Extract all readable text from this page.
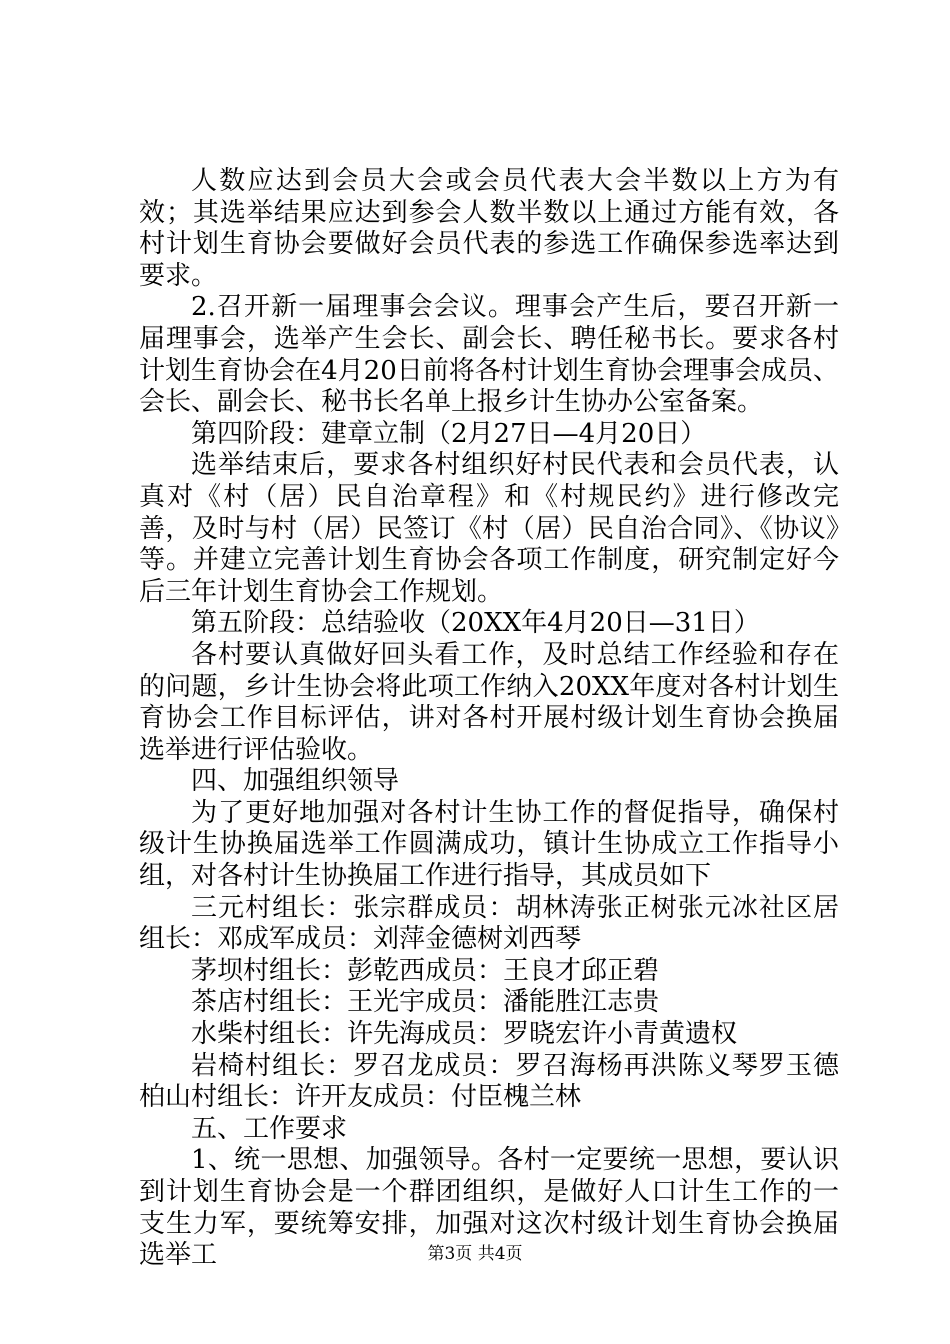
人数应达到会员大会或会员代表大会半数以上方为有效；其选举结果应达到参会人数半数以上通过方能有效，各村计划生育协会要做好会员代表的参选工作确保参选率达到要求。

2.召开新一届理事会会议。理事会产生后，要召开新一届理事会，选举产生会长、副会长、聘任秘书长。要求各村计划生育协会在4月20日前将各村计划生育协会理事会成员、会长、副会长、秘书长名单上报乡计生协办公室备案。

第四阶段：建章立制（2月27日—4月20日）

选举结束后，要求各村组织好村民代表和会员代表，认真对《村（居）民自治章程》和《村规民约》进行修改完善，及时与村（居）民签订《村（居）民自治合同》、《协议》等。并建立完善计划生育协会各项工作制度，研究制定好今后三年计划生育协会工作规划。

第五阶段：总结验收（20XX年4月20日—31日）

各村要认真做好回头看工作，及时总结工作经验和存在的问题，乡计生协会将此项工作纳入20XX年度对各村计划生育协会工作目标评估，讲对各村开展村级计划生育协会换届选举进行评估验收。

四、加强组织领导

为了更好地加强对各村计生协工作的督促指导，确保村级计生协换届选举工作圆满成功，镇计生协成立工作指导小组，对各村计生协换届工作进行指导，其成员如下

三元村组长：张宗群成员：胡林涛张正树张元冰社区居组长：邓成军成员：刘萍金德树刘西琴

茅坝村组长：彭乾西成员：王良才邱正碧

茶店村组长：王光宇成员：潘能胜江志贵

水柴村组长：许先海成员：罗晓宏许小青黄遗权

岩椅村组长：罗召龙成员：罗召海杨再洪陈义琴罗玉德柏山村组长：许开友成员：付臣槐兰林

五、工作要求

1、统一思想、加强领导。各村一定要统一思想，要认识到计划生育协会是一个群团组织，是做好人口计生工作的一支生力军，要统筹安排，加强对这次村级计划生育协会换届选举工	第3页 共4页
